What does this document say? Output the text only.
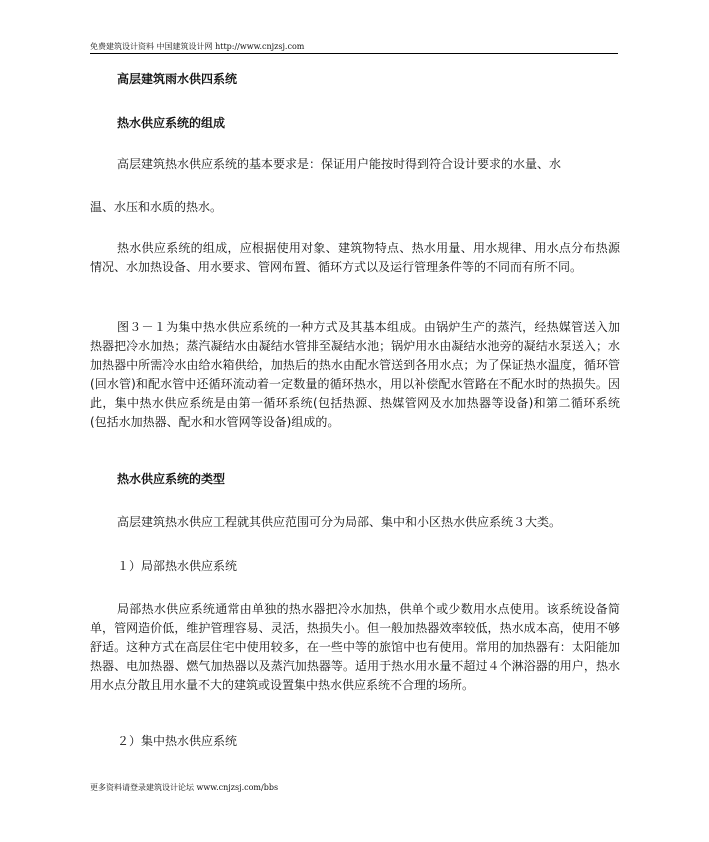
免费建筑设计资料 中国建筑设计网 http://www.cnjzsj.com
高层建筑雨水供四系统
热水供应系统的组成
高层建筑热水供应系统的基本要求是：保证用户能按时得到符合设计要求的水量、水
温、水压和水质的热水。

热水供应系统的组成，应根据使用对象、建筑物特点、热水用量、用水规律、用水点分布热源情况、水加热设备、用水要求、管网布置、循环方式以及运行管理条件等的不同而有所不同。

图３－１为集中热水供应系统的一种方式及其基本组成。由锅炉生产的蒸汽，经热媒管送入加热器把冷水加热；蒸汽凝结水由凝结水管排至凝结水池；锅炉用水由凝结水池旁的凝结水泵送入；水加热器中所需冷水由给水箱供给，加热后的热水由配水管送到各用水点；为了保证热水温度，循环管(回水管)和配水管中还循环流动着一定数量的循环热水，用以补偿配水管路在不配水时的热损失。因此，集中热水供应系统是由第一循环系统(包括热源、热媒管网及水加热器等设备)和第二循环系统(包括水加热器、配水和水管网等设备)组成的。

热水供应系统的类型
高层建筑热水供应工程就其供应范围可分为局部、集中和小区热水供应系统３大类。
１）局部热水供应系统

局部热水供应系统通常由单独的热水器把冷水加热，供单个或少数用水点使用。该系统设备简单，管网造价低，维护管理容易、灵活，热损失小。但一般加热器效率较低，热水成本高，使用不够舒适。这种方式在高层住宅中使用较多，在一些中等的旅馆中也有使用。常用的加热器有：太阳能加热器、电加热器、燃气加热器以及蒸汽加热器等。适用于热水用水量不超过４个淋浴器的用户，热水用水点分散且用水量不大的建筑或设置集中热水供应系统不合理的场所。

２）集中热水供应系统
更多资料请登录建筑设计论坛 www.cnjzsj.com/bbs
